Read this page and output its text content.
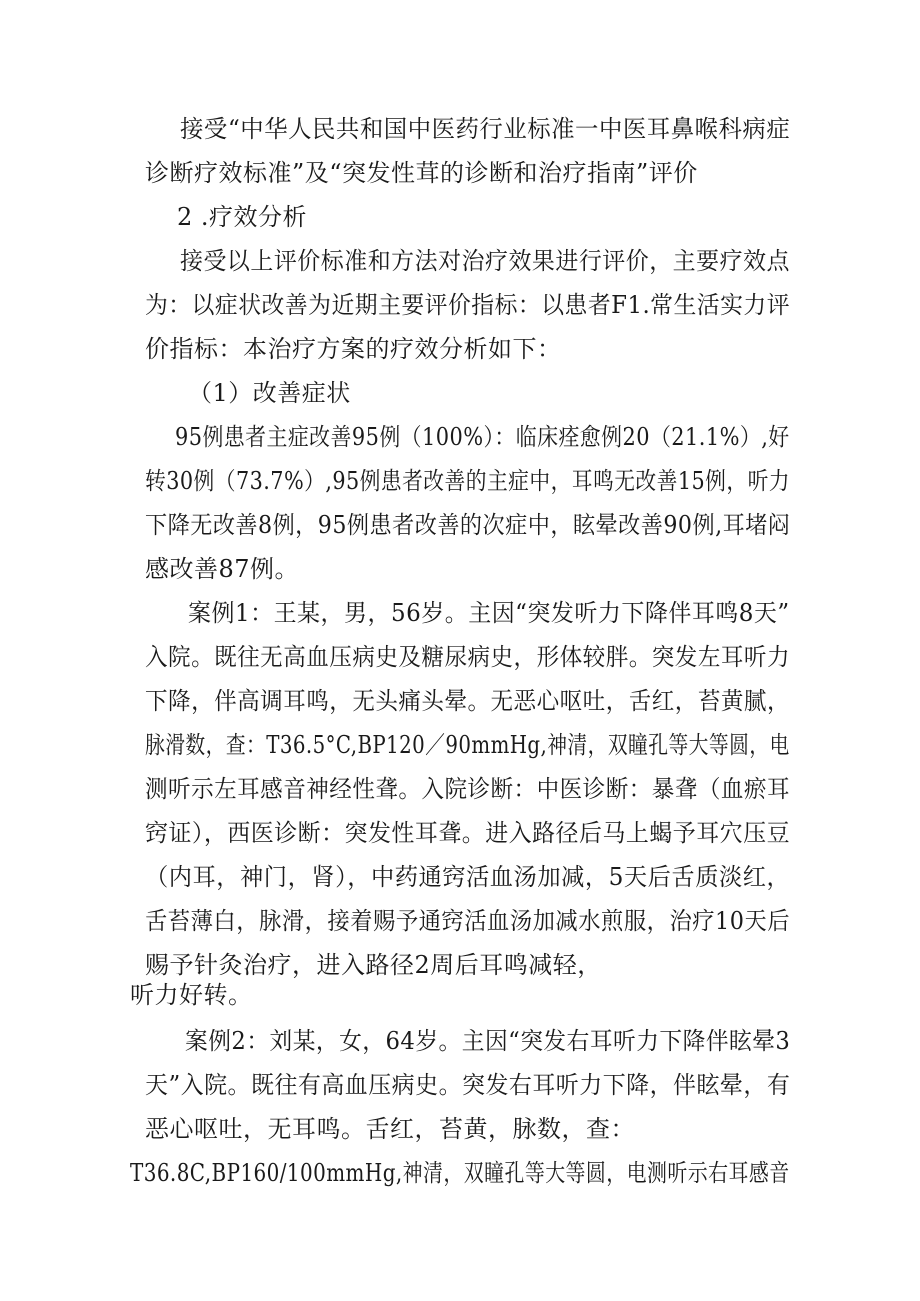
接受“中华人民共和国中医药行业标准一中医耳鼻喉科病症
诊断疗效标准”及“突发性茸的诊断和治疗指南”评价
2 .疗效分析
接受以上评价标准和方法对治疗效果进行评价，主要疗效点
为：以症状改善为近期主要评价指标：以患者F1.常生活实力评
价指标：本治疗方案的疗效分析如下：
（1）改善症状
95例患者主症改善95例（100%）：临床痊愈例20（21.1%）,好
转30例（73.7%）,95例患者改善的主症中，耳鸣无改善15例，听力
下降无改善8例，95例患者改善的次症中，眩晕改善90例,耳堵闷
感改善87例。
案例1：王某，男，56岁。主因“突发听力下降伴耳鸣8天”
入院。既往无高血压病史及糖尿病史，形体较胖。突发左耳听力
下降，伴高调耳鸣，无头痛头晕。无恶心呕吐，舌红，苔黄腻，
脉滑数，查：T36.5°C,BP120／90mmHg,神清，双瞳孔等大等圆，电
测听示左耳感音神经性聋。入院诊断：中医诊断：暴聋（血瘀耳
窍证），西医诊断：突发性耳聋。进入路径后马上蝎予耳穴压豆
（内耳，神门，肾），中药通窍活血汤加减，5天后舌质淡红，
舌苔薄白，脉滑，接着赐予通窍活血汤加减水煎服，治疗10天后
赐予针灸治疗，进入路径2周后耳鸣减轻，
听力好转。
案例2：刘某，女，64岁。主因“突发右耳听力下降伴眩晕3
天”入院。既往有高血压病史。突发右耳听力下降，伴眩晕，有
恶心呕吐，无耳鸣。舌红，苔黄，脉数，查：
T36.8C,BP160/100mmHg,神清，双瞳孔等大等圆，电测听示右耳感音
